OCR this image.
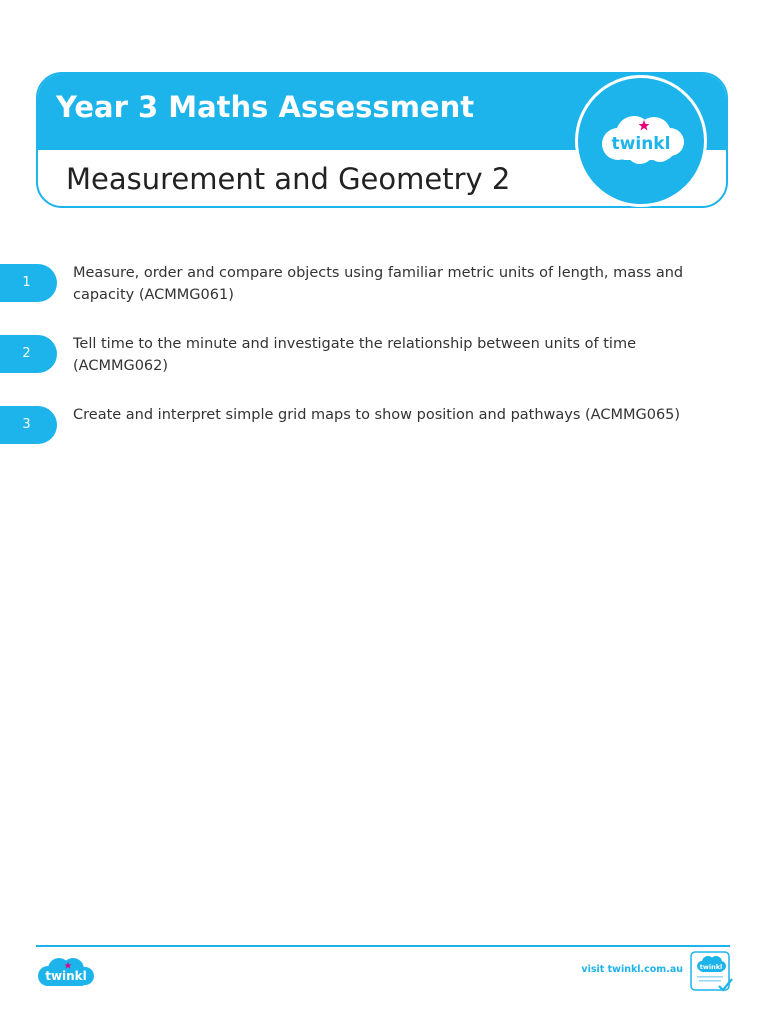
Year 3 Maths Assessment
Measurement and Geometry 2
twinkl
1
Measure, order and compare objects using familiar metric units of length, mass and capacity (ACMMG061)
2
Tell time to the minute and investigate the relationship between units of time (ACMMG062)
3
Create and interpret simple grid maps to show position and pathways (ACMMG065)
twinkl	visit twinkl.com.au	twinkl
